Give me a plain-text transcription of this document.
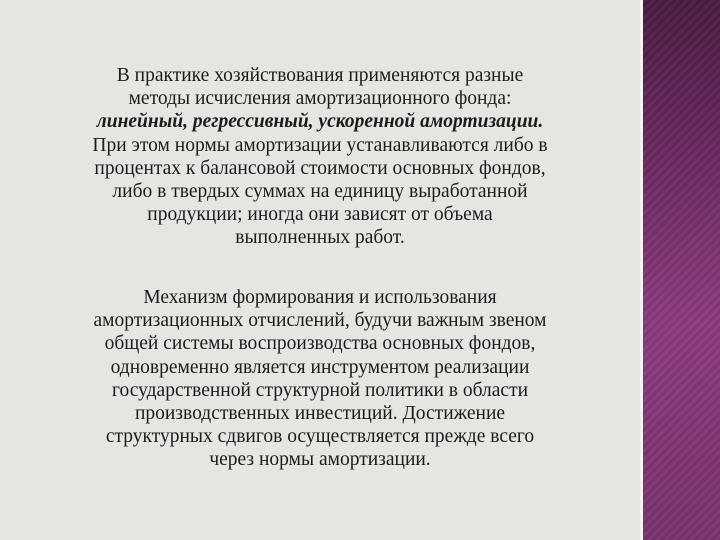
В практике хозяйствования применяются разные
методы исчисления амортизационного фонда:
линейный, регрессивный, ускоренной амортизации.
При этом нормы амортизации устанавливаются либо в
процентах к балансовой стоимости основных фондов,
либо в твердых суммах на единицу выработанной
продукции; иногда они зависят от объема
выполненных работ.
Механизм формирования и использования
амортизационных отчислений, будучи важным звеном
общей системы воспроизводства основных фондов,
одновременно является инструментом реализации
государственной структурной политики в области
производственных инвестиций. Достижение
структурных сдвигов осуществляется прежде всего
через нормы амортизации.
